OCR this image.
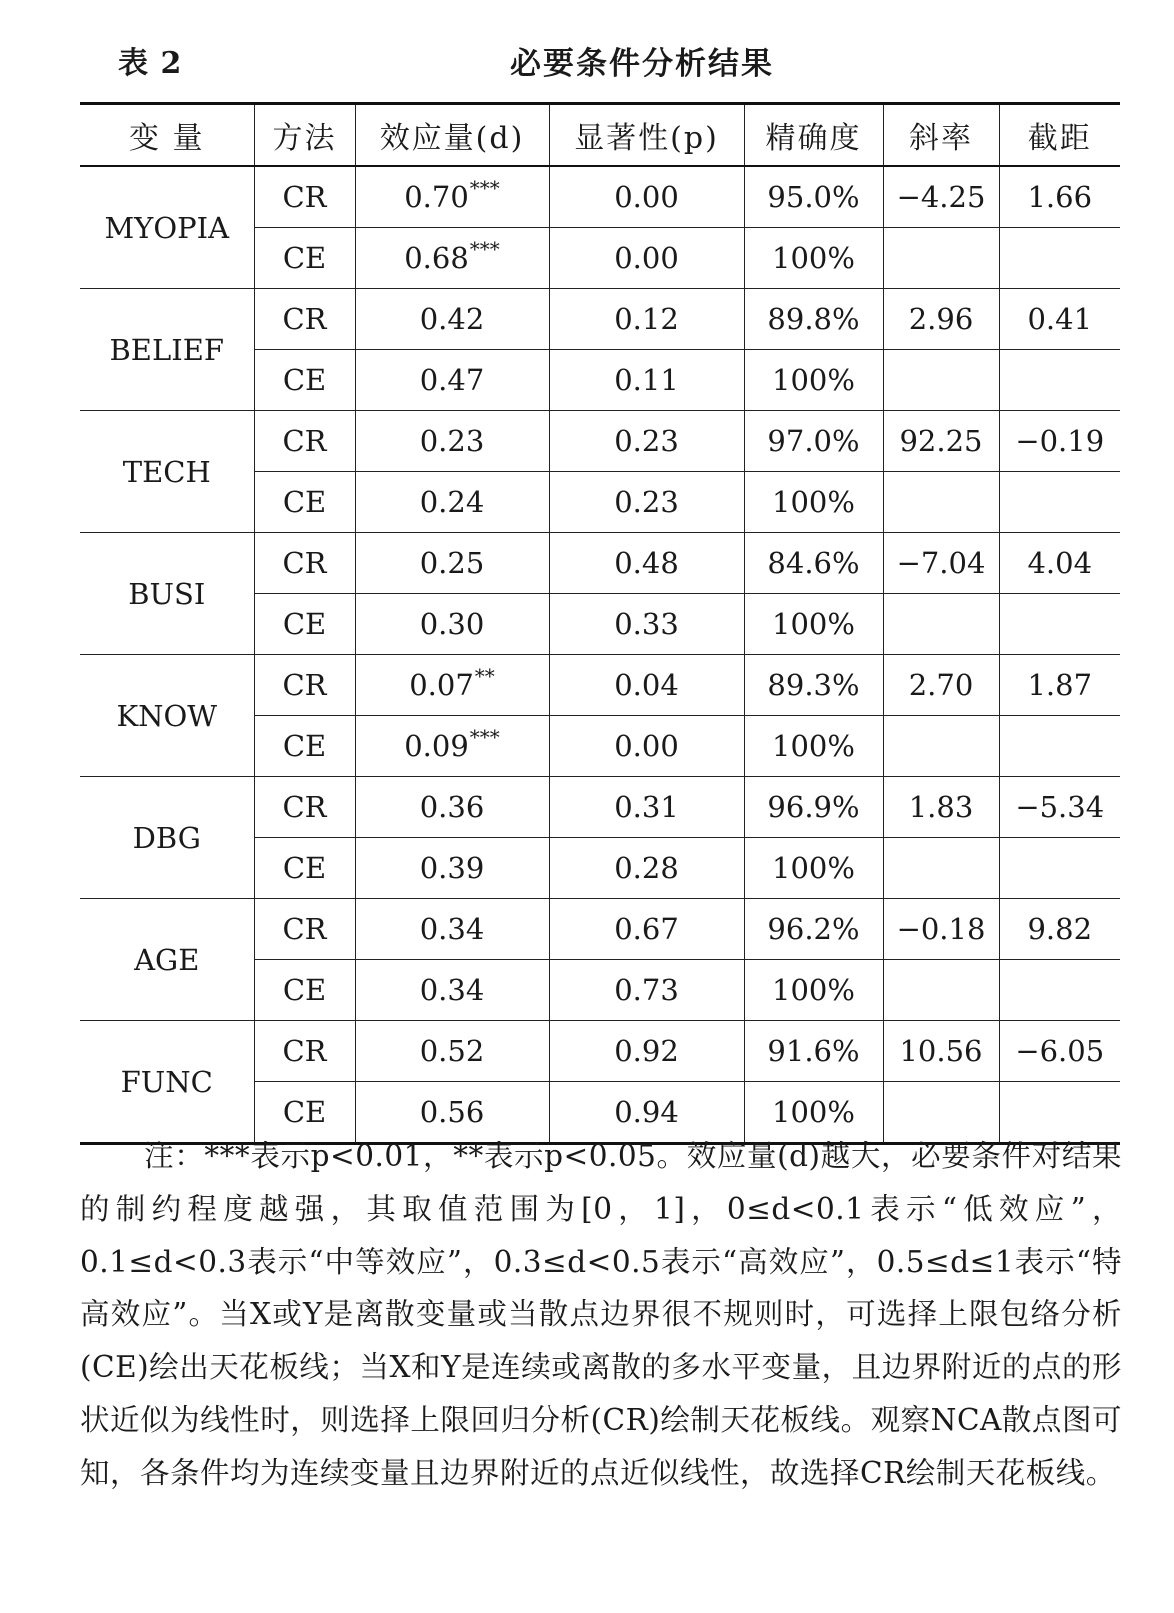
表 2	必要条件分析结果
变 量	方法	效应量(d)	显著性(p)	精确度	斜率	截距
MYOPIA	CR	0.70***	0.00	95.0%	−4.25	1.66
	CE	0.68***	0.00	100%		
BELIEF	CR	0.42	0.12	89.8%	2.96	0.41
	CE	0.47	0.11	100%		
TECH	CR	0.23	0.23	97.0%	92.25	−0.19
	CE	0.24	0.23	100%		
BUSI	CR	0.25	0.48	84.6%	−7.04	4.04
	CE	0.30	0.33	100%		
KNOW	CR	0.07**	0.04	89.3%	2.70	1.87
	CE	0.09***	0.00	100%		
DBG	CR	0.36	0.31	96.9%	1.83	−5.34
	CE	0.39	0.28	100%		
AGE	CR	0.34	0.67	96.2%	−0.18	9.82
	CE	0.34	0.73	100%		
FUNC	CR	0.52	0.92	91.6%	10.56	−6.05
	CE	0.56	0.94	100%		
注：***表示p<0.01，**表示p<0.05。效应量(d)越大，必要条件对结果的制约程度越强，其取值范围为[0，1]，0≤d<0.1表示“低效应”，0.1≤d<0.3表示“中等效应”，0.3≤d<0.5表示“高效应”，0.5≤d≤1表示“特高效应”。当X或Y是离散变量或当散点边界很不规则时，可选择上限包络分析(CE)绘出天花板线；当X和Y是连续或离散的多水平变量，且边界附近的点的形状近似为线性时，则选择上限回归分析(CR)绘制天花板线。观察NCA散点图可知，各条件均为连续变量且边界附近的点近似线性，故选择CR绘制天花板线。
